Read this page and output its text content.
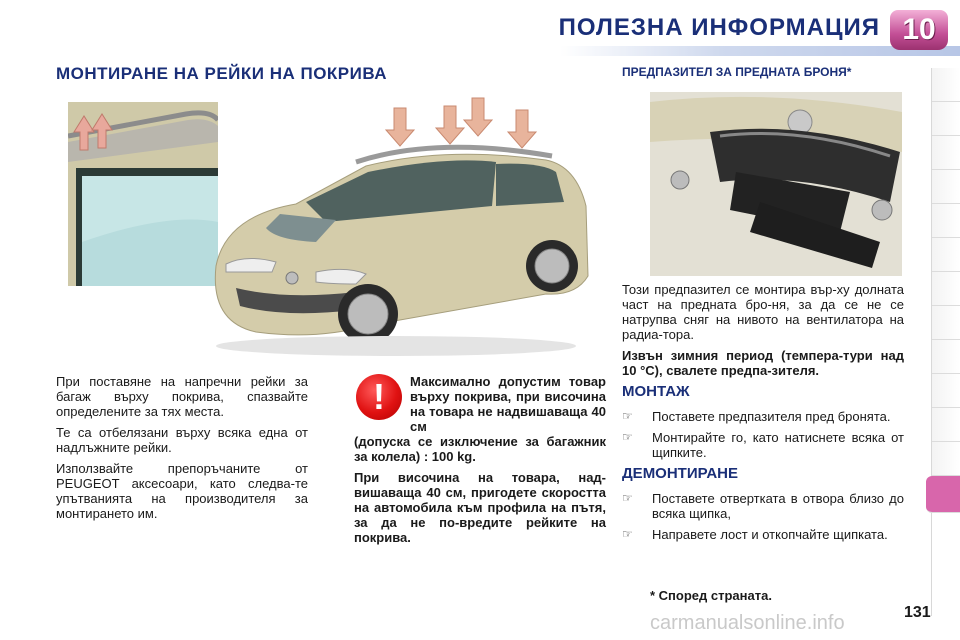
ПОЛЕЗНА ИНФОРМАЦИЯ 10
МОНТИРАНЕ НА РЕЙКИ НА ПОКРИВА	ПРЕДПАЗИТЕЛ ЗА ПРЕДНАТА БРОНЯ*

При поставяне на напречни рейки за багаж върху покрива, спазвайте определените за тях места.

Те са отбелязани върху всяка една от надлъжните рейки.

Използвайте препоръчаните от PEUGEOT аксесоари, като следва-те упътванията на производителя за монтирането им.

!	Максимално допустим товар върху покрива, при височина на товара не надвишаваща 40 см
(допуска се изключение за багажник за колела) : 100 kg.

При височина на товара, над-вишаваща 40 см, пригодете скоростта на автомобила към профила на пътя, за да не по-вредите рейките на покрива.

Този предпазител се монтира вър-ху долната част на предната бро-ня, за да се не се натрупва сняг на нивото на вентилатора на радиа-тора.

Извън зимния период (темпера-тури над 10 °C), свалете предпа-зителя.

МОНТАЖ
☞	Поставете предпазителя пред бронята.
☞	Монтирайте го, като натиснете всяка от щипките.
ДЕМОНТИРАНЕ
☞	Поставете отвертката в отвора близо до всяка щипка,
☞	Направете лост и откопчайте щипката.
* Според страната.
carmanualsonline.info	131
